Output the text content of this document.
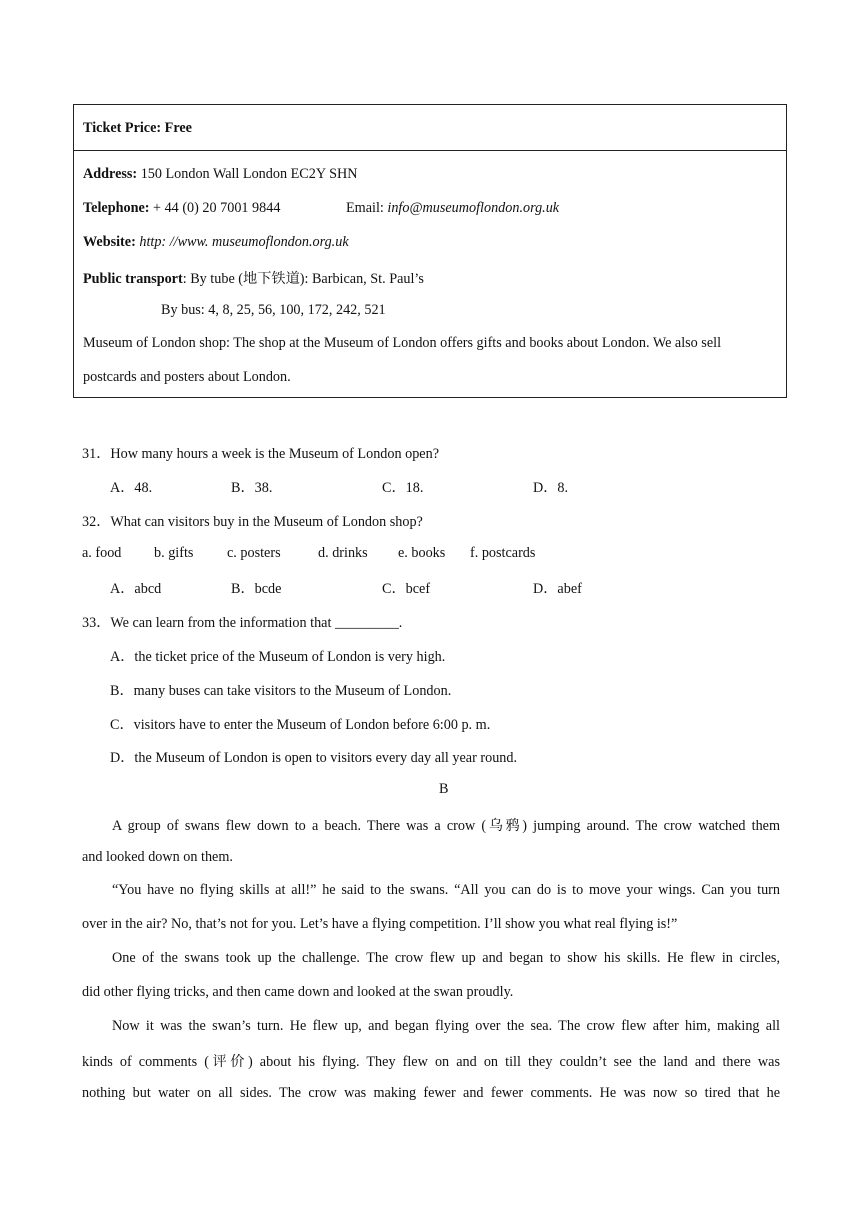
Ticket Price: Free
Address: 150 London Wall London EC2Y SHN
Telephone: + 44 (0) 20 7001 9844	Email: info@museumoflondon.org.uk
Website: http: //www. museumoflondon.org.uk
Public transport: By tube (地下铁道): Barbican, St. Paul’s
By bus: 4, 8, 25, 56, 100, 172, 242, 521
Museum of London shop: The shop at the Museum of London offers gifts and books about London. We also sell
postcards and posters about London.
31．How many hours a week is the Museum of London open?
A．48.	B．38.	C．18.	D．8.
32．What can visitors buy in the Museum of London shop?
a. food b. gifts c. posters	d. drinks e. books f. postcards
A．abcd	B．bcde	C．bcef	D．abef
33．We can learn from the information that _________.
A．the ticket price of the Museum of London is very high.
B．many buses can take visitors to the Museum of London.
C．visitors have to enter the Museum of London before 6:00 p. m.
D．the Museum of London is open to visitors every day all year round.
B
A group of swans flew down to a beach. There was a crow (乌鸦) jumping around. The crow watched them
and looked down on them.
“You have no flying skills at all!” he said to the swans. “All you can do is to move your wings. Can you turn
over in the air? No, that’s not for you. Let’s have a flying competition. I’ll show you what real flying is!”
One of the swans took up the challenge. The crow flew up and began to show his skills. He flew in circles,
did other flying tricks, and then came down and looked at the swan proudly.
Now it was the swan’s turn. He flew up, and began flying over the sea. The crow flew after him, making all
kinds of comments (评价) about his flying. They flew on and on till they couldn’t see the land and there was
nothing but water on all sides. The crow was making fewer and fewer comments. He was now so tired that he
